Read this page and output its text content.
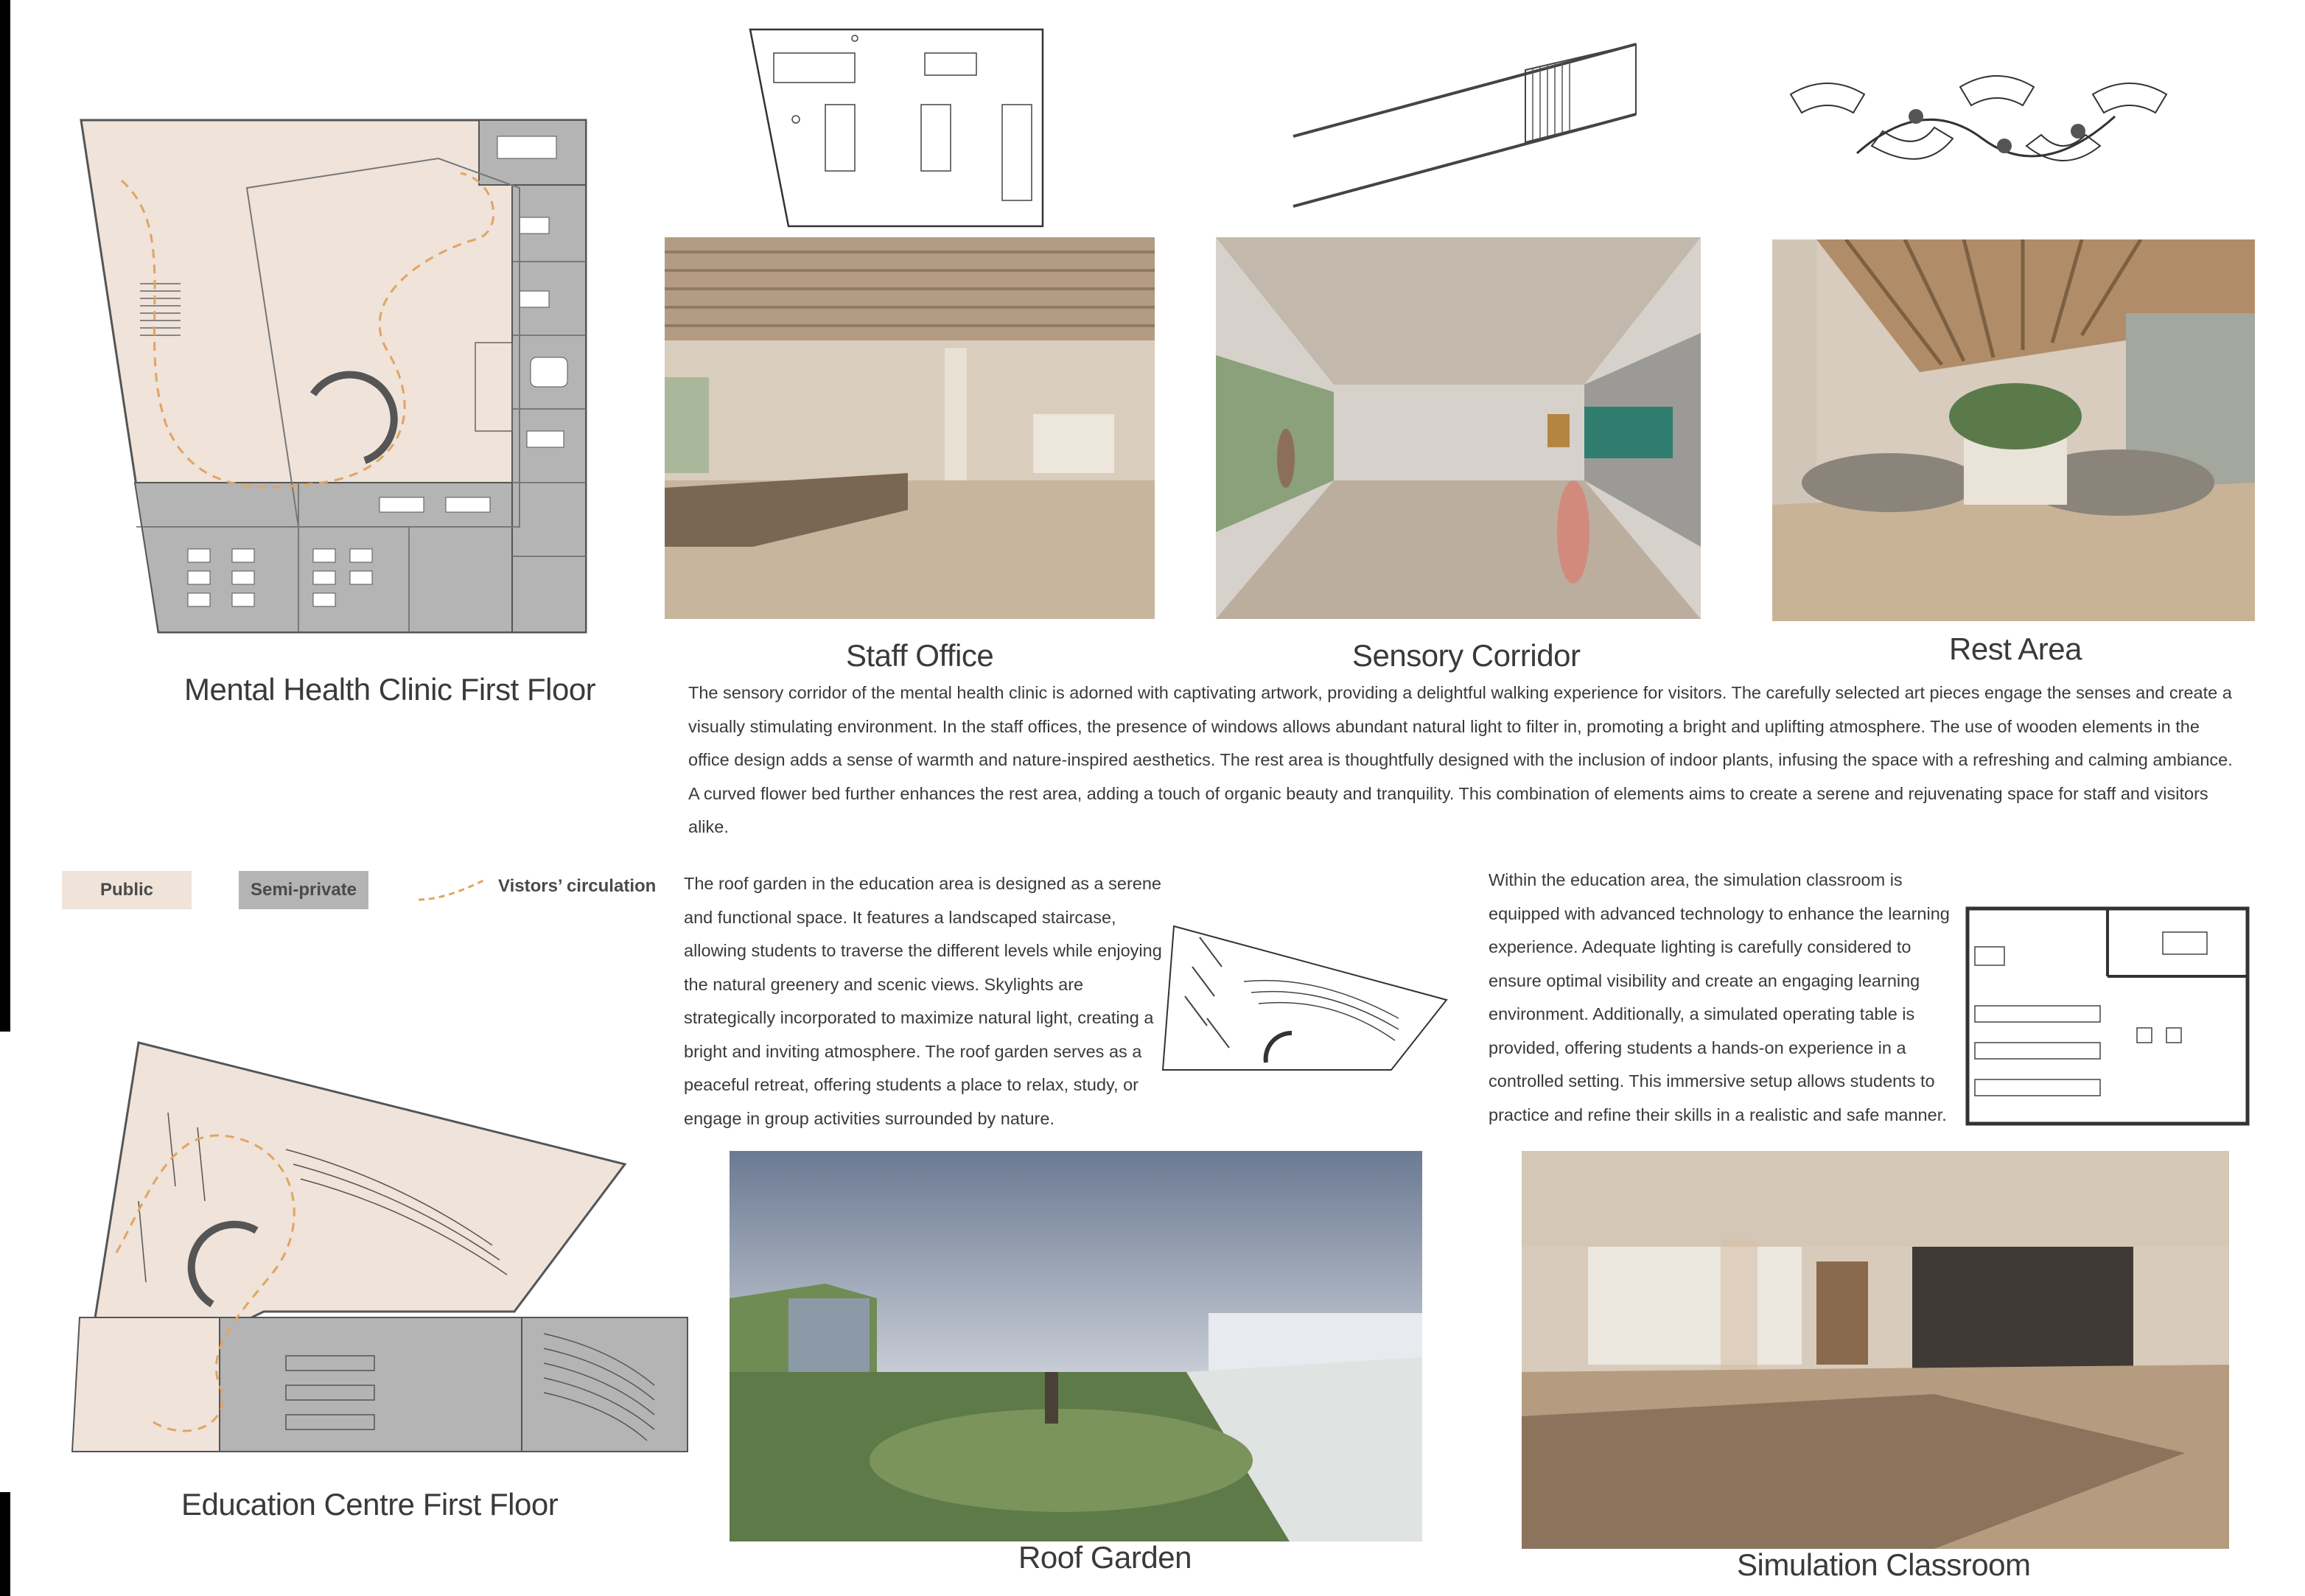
Mental Health Clinic First Floor
Staff Office	Sensory Corridor	Rest Area
The sensory corridor of the mental health clinic is adorned with captivating artwork, providing a delightful walking experience for visitors. The carefully selected art pieces engage the senses and create a visually stimulating environment. In the staff offices, the presence of windows allows abundant natural light to filter in, promoting a bright and uplifting atmosphere. The use of wooden elements in the office design adds a sense of warmth and nature-inspired aesthetics. The rest area is thoughtfully designed with the inclusion of indoor plants, infusing the space with a refreshing and calming ambiance. A curved flower bed further enhances the rest area, adding a touch of organic beauty and tranquility. This combination of elements aims to create a serene and rejuvenating space for staff and visitors alike.
Public	Semi-private	Vistors’ circulation The roof garden in the education area is designed as a serene and functional space. It features a landscaped staircase, allowing students to traverse the different levels while enjoying the natural greenery and scenic views. Skylights are strategically incorporated to maximize natural light, creating a bright and inviting atmosphere. The roof garden serves as a peaceful retreat, offering students a place to relax, study, or engage in group activities surrounded by nature.
Within the education area, the simulation classroom is equipped with advanced technology to enhance the learning experience. Adequate lighting is carefully considered to ensure optimal visibility and create an engaging learning environment. Additionally, a simulated operating table is provided, offering students a hands-on experience in a controlled setting. This immersive setup allows students to practice and refine their skills in a realistic and safe manner.
Education Centre First Floor
Roof Garden	Simulation Classroom
